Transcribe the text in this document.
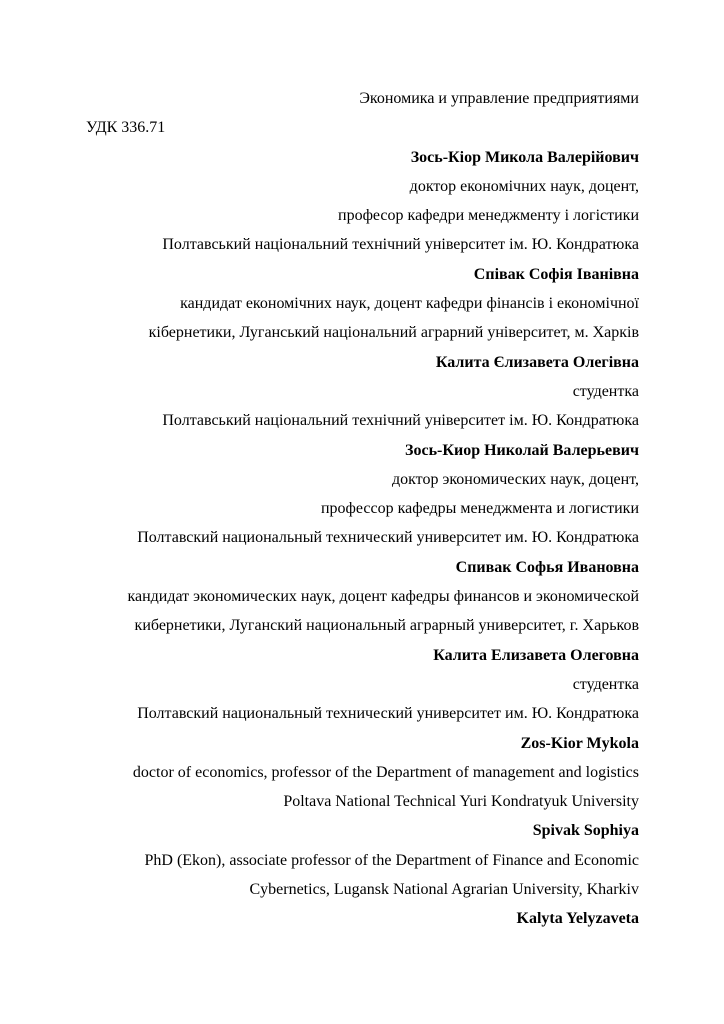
Экономика и управление предприятиями
УДК 336.71
Зось-Кіор Микола Валерійович
доктор економічних наук, доцент,
професор кафедри менеджменту і логістики
Полтавський національний технічний університет ім. Ю. Кондратюка
Співак Софія Іванівна
кандидат економічних наук, доцент кафедри фінансів і економічної
кібернетики, Луганський національний аграрний університет, м. Харків
Калита Єлизавета Олегівна
студентка
Полтавський національний технічний університет ім. Ю. Кондратюка
Зось-Киор Николай Валерьевич
доктор экономических наук, доцент,
профессор кафедры менеджмента и логистики
Полтавский национальный технический университет им. Ю. Кондратюка
Спивак Софья Ивановна
кандидат экономических наук, доцент кафедры финансов и экономической
кибернетики, Луганский национальный аграрный университет, г. Харьков
Калита Елизавета Олеговна
студентка
Полтавский национальный технический университет им. Ю. Кондратюка
Zos-Kior Mykola
doctor of economics, professor of the Department of management and logistics
Poltava National Technical Yuri Kondratyuk University
Spivak Sophiya
PhD (Ekon), associate professor of the Department of Finance and Economic
Cybernetics, Lugansk National Agrarian University, Kharkiv
Kalyta Yelyzaveta
